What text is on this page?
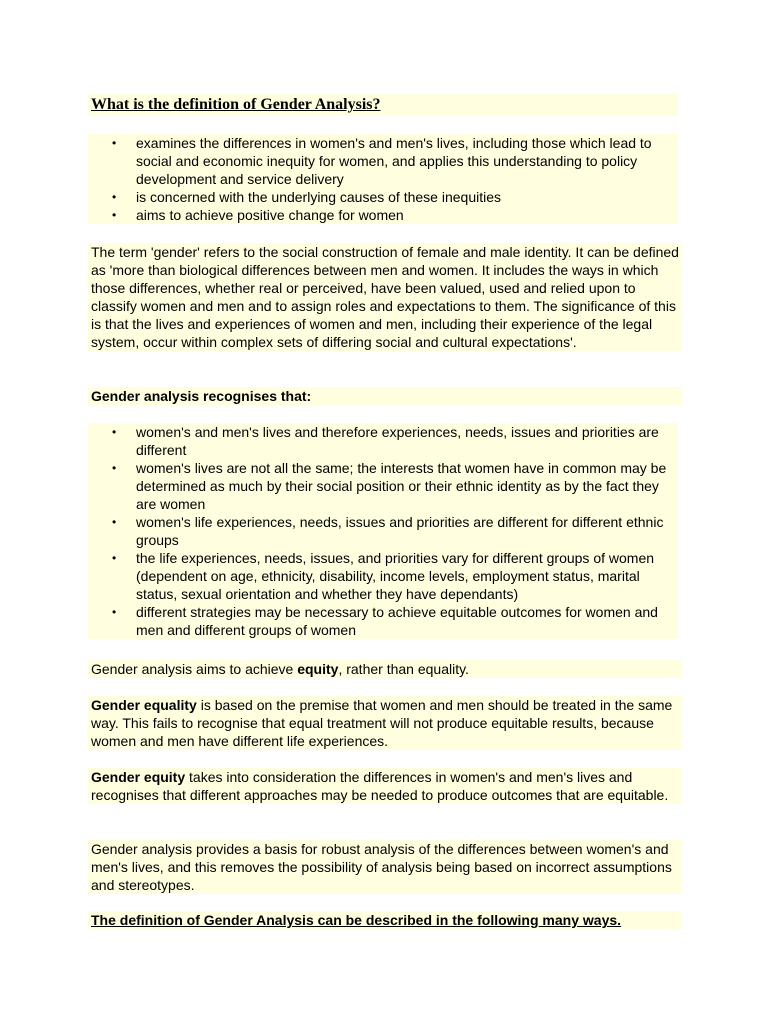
What is the definition of Gender Analysis?
• examines the differences in women's and men's lives, including those which lead to social and economic inequity for women, and applies this understanding to policy development and service delivery
• is concerned with the underlying causes of these inequities
• aims to achieve positive change for women
The term 'gender' refers to the social construction of female and male identity. It can be defined as 'more than biological differences between men and women. It includes the ways in which those differences, whether real or perceived, have been valued, used and relied upon to classify women and men and to assign roles and expectations to them. The significance of this is that the lives and experiences of women and men, including their experience of the legal system, occur within complex sets of differing social and cultural expectations'.
Gender analysis recognises that:
• women's and men's lives and therefore experiences, needs, issues and priorities are different
• women's lives are not all the same; the interests that women have in common may be determined as much by their social position or their ethnic identity as by the fact they are women
• women's life experiences, needs, issues and priorities are different for different ethnic groups
• the life experiences, needs, issues, and priorities vary for different groups of women (dependent on age, ethnicity, disability, income levels, employment status, marital status, sexual orientation and whether they have dependants)
• different strategies may be necessary to achieve equitable outcomes for women and men and different groups of women
Gender analysis aims to achieve equity, rather than equality.
Gender equality is based on the premise that women and men should be treated in the same way. This fails to recognise that equal treatment will not produce equitable results, because women and men have different life experiences.
Gender equity takes into consideration the differences in women's and men's lives and recognises that different approaches may be needed to produce outcomes that are equitable.
Gender analysis provides a basis for robust analysis of the differences between women's and men's lives, and this removes the possibility of analysis being based on incorrect assumptions and stereotypes.
The definition of Gender Analysis can be described in the following many ways.
